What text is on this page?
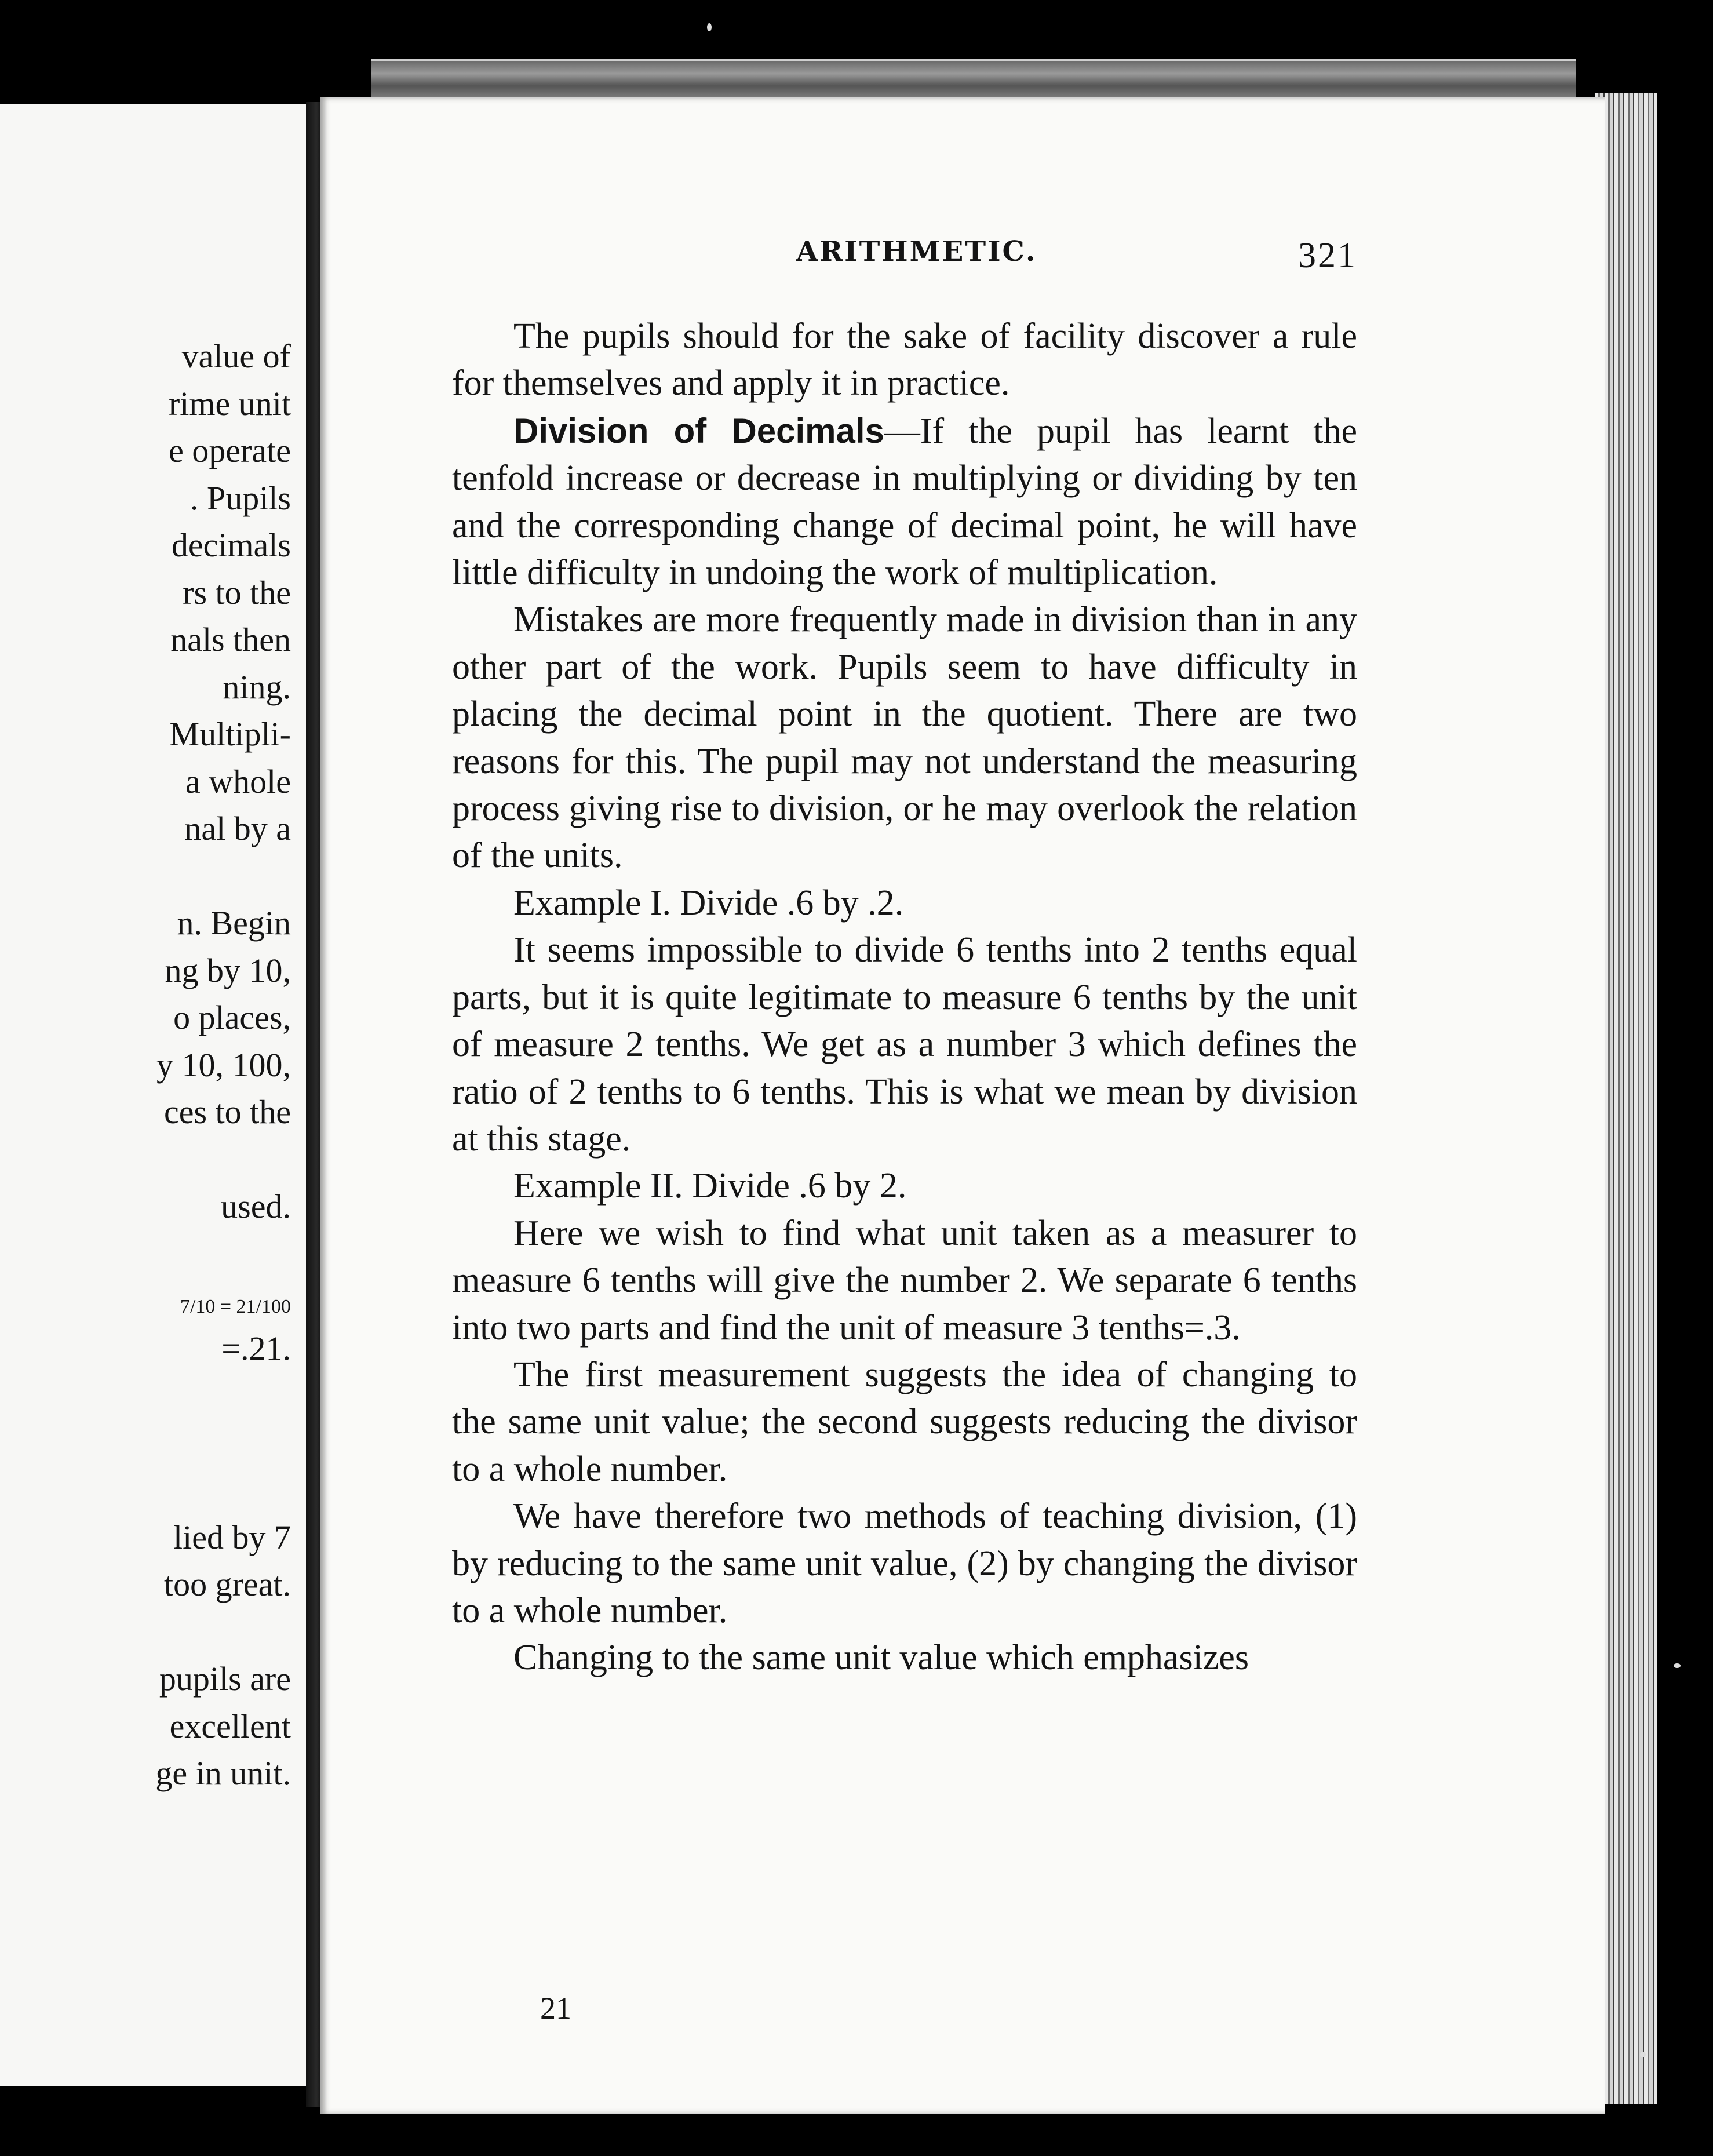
value of
rime unit
e operate
. Pupils
decimals
rs to the
nals then
ning.
Multipli-
a whole
nal by a
n. Begin
ng by 10,
o places,
y 10, 100,
ces to the
used.
=.21.
lied by 7
too great.
pupils are
excellent
ge in unit.
7/10 = 21/100
ARITHMETIC.	321

The pupils should for the sake of facility discover a rule for themselves and apply it in practice.

Division of Decimals—If the pupil has learnt the tenfold increase or decrease in multiplying or dividing by ten and the corresponding change of decimal point, he will have little difficulty in undoing the work of multiplication.

Mistakes are more frequently made in division than in any other part of the work. Pupils seem to have difficulty in placing the decimal point in the quotient. There are two reasons for this. The pupil may not understand the measuring process giving rise to division, or he may overlook the relation of the units.

Example I. Divide .6 by .2.

It seems impossible to divide 6 tenths into 2 tenths equal parts, but it is quite legitimate to measure 6 tenths by the unit of measure 2 tenths. We get as a number 3 which defines the ratio of 2 tenths to 6 tenths. This is what we mean by division at this stage.

Example II. Divide .6 by 2.

Here we wish to find what unit taken as a measurer to measure 6 tenths will give the number 2. We separate 6 tenths into two parts and find the unit of measure 3 tenths=.3.

The first measurement suggests the idea of changing to the same unit value; the second suggests reducing the divisor to a whole number.

We have therefore two methods of teaching division, (1) by reducing to the same unit value, (2) by changing the divisor to a whole number.

Changing to the same unit value which emphasizes

21
